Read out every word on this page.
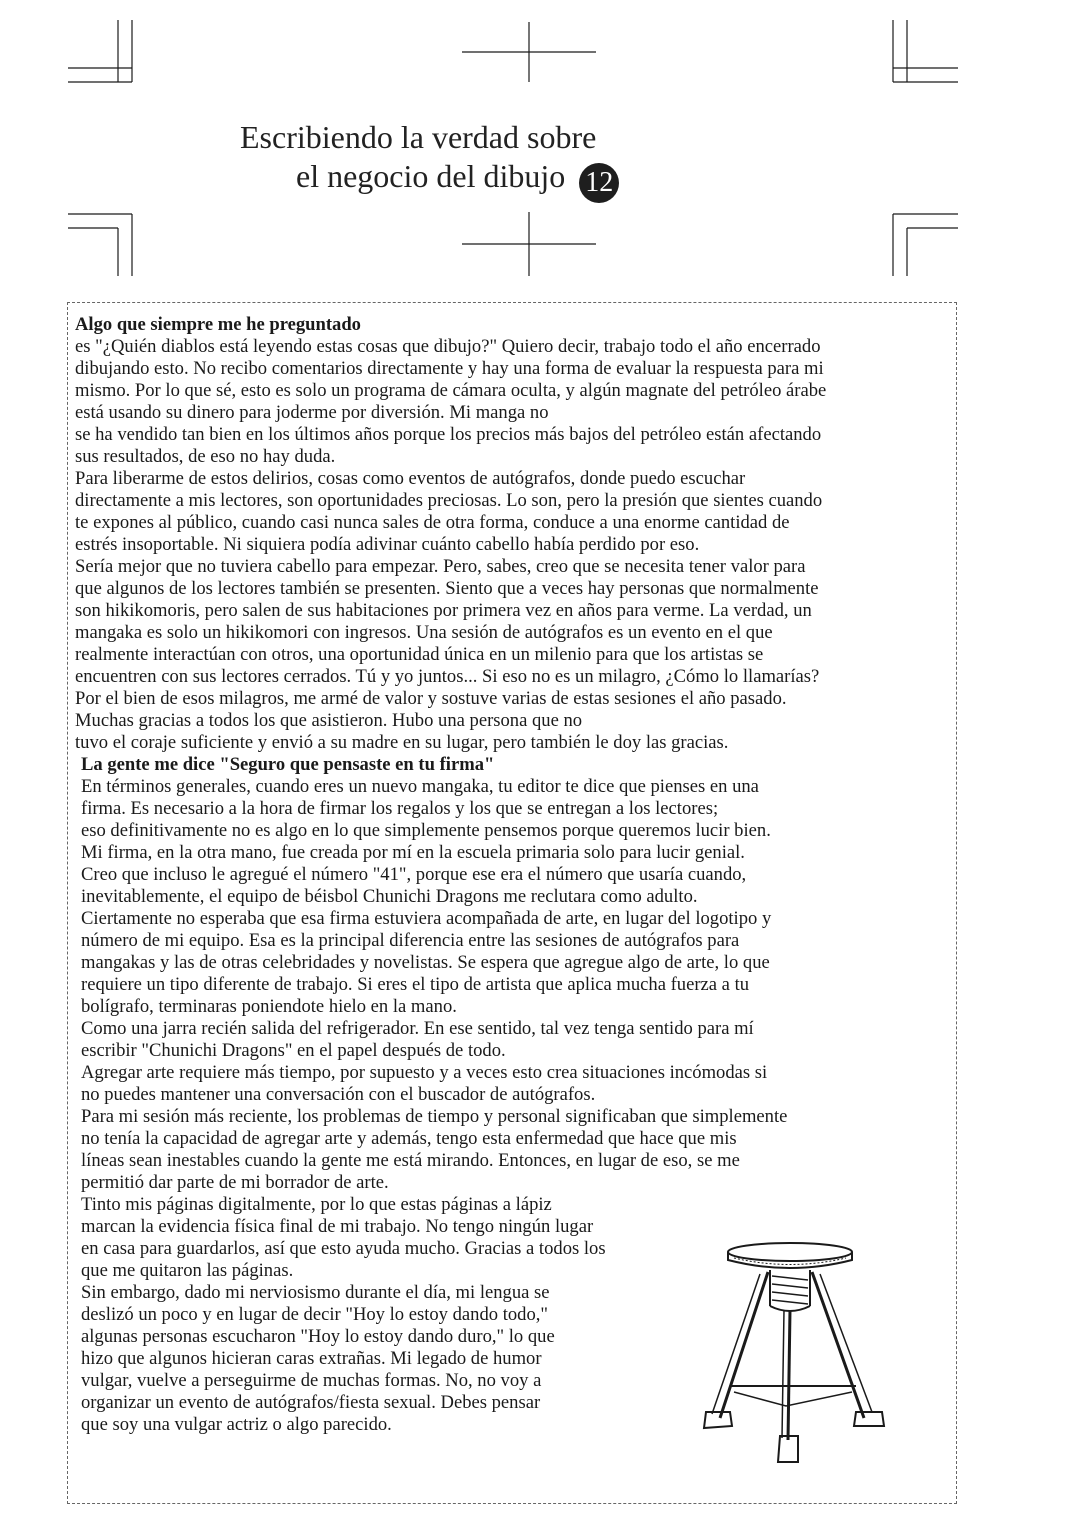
Escribiendo la verdad sobre
el negocio del dibujo 12
Algo que siempre me he preguntado
es "¿Quién diablos está leyendo estas cosas que dibujo?" Quiero decir, trabajo todo el año encerrado
dibujando esto. No recibo comentarios directamente y hay una forma de evaluar la respuesta para mi
mismo. Por lo que sé, esto es solo un programa de cámara oculta, y algún magnate del petróleo árabe
está usando su dinero para joderme por diversión. Mi manga no
se ha vendido tan bien en los últimos años porque los precios más bajos del petróleo están afectando
sus resultados, de eso no hay duda.
Para liberarme de estos delirios, cosas como eventos de autógrafos, donde puedo escuchar
directamente a mis lectores, son oportunidades preciosas. Lo son, pero la presión que sientes cuando
te expones al público, cuando casi nunca sales de otra forma, conduce a una enorme cantidad de
estrés insoportable. Ni siquiera podía adivinar cuánto cabello había perdido por eso.
Sería mejor que no tuviera cabello para empezar. Pero, sabes, creo que se necesita tener valor para
que algunos de los lectores también se presenten. Siento que a veces hay personas que normalmente
son hikikomoris, pero salen de sus habitaciones por primera vez en años para verme. La verdad, un
mangaka es solo un hikikomori con ingresos. Una sesión de autógrafos es un evento en el que
realmente interactúan con otros, una oportunidad única en un milenio para que los artistas se
encuentren con sus lectores cerrados. Tú y yo juntos... Si eso no es un milagro, ¿Cómo lo llamarías?
Por el bien de esos milagros, me armé de valor y sostuve varias de estas sesiones el año pasado.
Muchas gracias a todos los que asistieron. Hubo una persona que no
tuvo el coraje suficiente y envió a su madre en su lugar, pero también le doy las gracias.
La gente me dice "Seguro que pensaste en tu firma"
En términos generales, cuando eres un nuevo mangaka, tu editor te dice que pienses en una
firma. Es necesario a la hora de firmar los regalos y los que se entregan a los lectores;
eso definitivamente no es algo en lo que simplemente pensemos porque queremos lucir bien.
Mi firma, en la otra mano, fue creada por mí en la escuela primaria solo para lucir genial.
Creo que incluso le agregué el número "41", porque ese era el número que usaría cuando,
inevitablemente, el equipo de béisbol Chunichi Dragons me reclutara como adulto.
Ciertamente no esperaba que esa firma estuviera acompañada de arte, en lugar del logotipo y
número de mi equipo. Esa es la principal diferencia entre las sesiones de autógrafos para
mangakas y las de otras celebridades y novelistas. Se espera que agregue algo de arte, lo que
requiere un tipo diferente de trabajo. Si eres el tipo de artista que aplica mucha fuerza a tu
bolígrafo, terminaras poniendote hielo en la mano.
Como una jarra recién salida del refrigerador. En ese sentido, tal vez tenga sentido para mí
escribir "Chunichi Dragons" en el papel después de todo.
Agregar arte requiere más tiempo, por supuesto y a veces esto crea situaciones incómodas si
no puedes mantener una conversación con el buscador de autógrafos.
Para mi sesión más reciente, los problemas de tiempo y personal significaban que simplemente
no tenía la capacidad de agregar arte y además, tengo esta enfermedad que hace que mis
líneas sean inestables cuando la gente me está mirando. Entonces, en lugar de eso, se me
permitió dar parte de mi borrador de arte.
Tinto mis páginas digitalmente, por lo que estas páginas a lápiz
marcan la evidencia física final de mi trabajo. No tengo ningún lugar
en casa para guardarlos, así que esto ayuda mucho. Gracias a todos los
que me quitaron las páginas.
Sin embargo, dado mi nerviosismo durante el día, mi lengua se
deslizó un poco y en lugar de decir "Hoy lo estoy dando todo,"
algunas personas escucharon "Hoy lo estoy dando duro," lo que
hizo que algunos hicieran caras extrañas. Mi legado de humor
vulgar, vuelve a perseguirme de muchas formas. No, no voy a
organizar un evento de autógrafos/fiesta sexual. Debes pensar
que soy una vulgar actriz o algo parecido.
